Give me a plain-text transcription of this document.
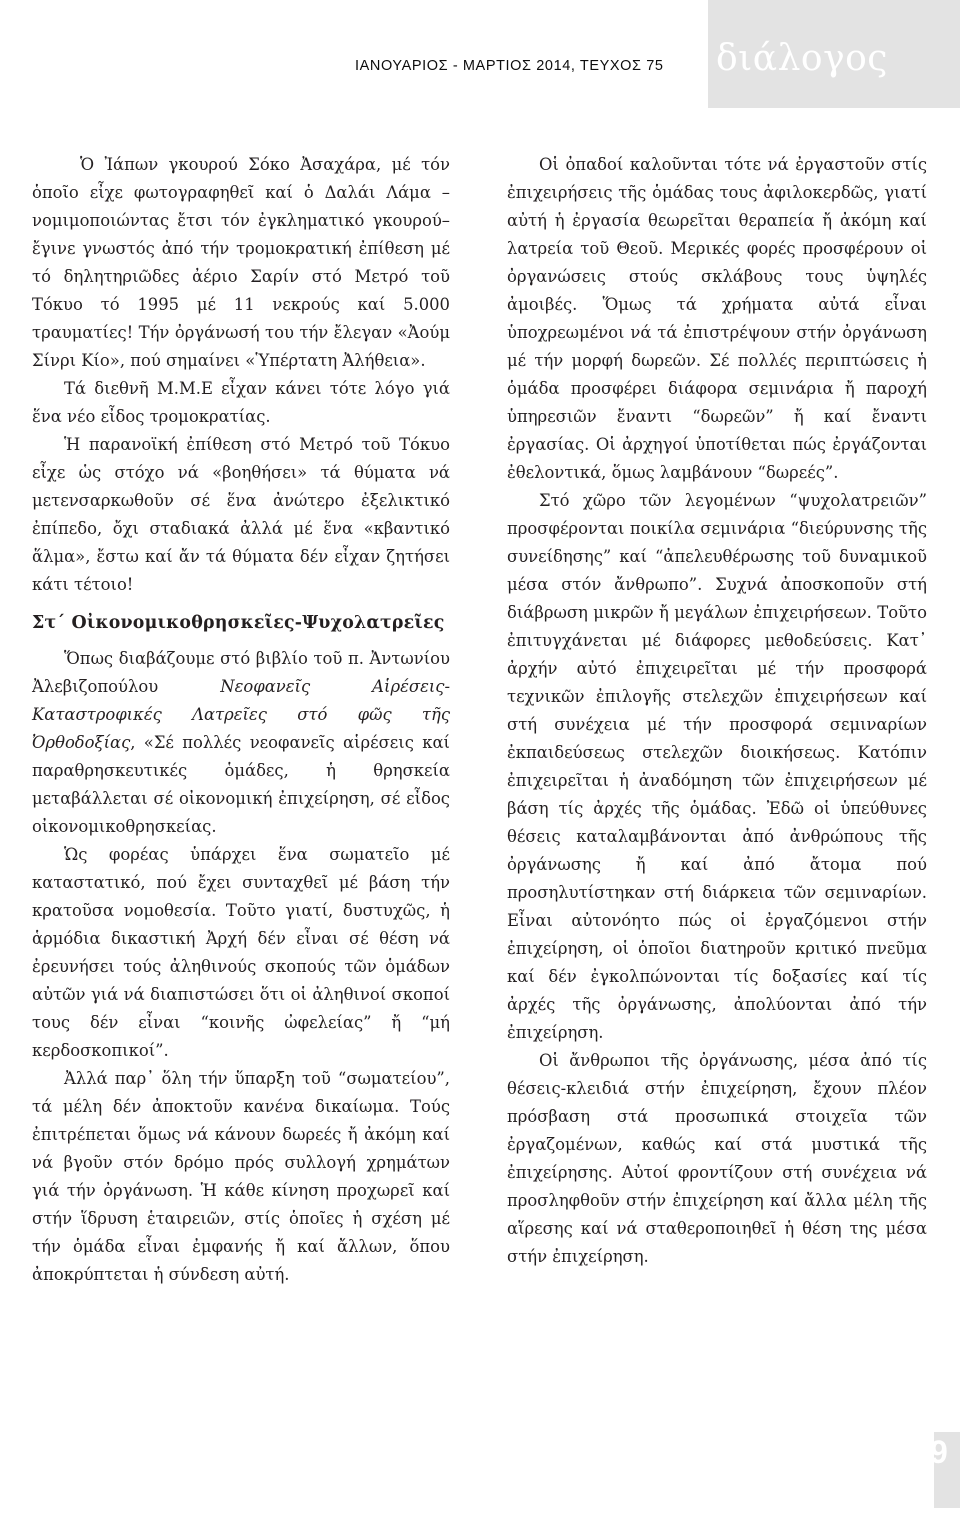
ΙΑΝΟΥΑΡΙΟΣ - ΜΑΡΤΙΟΣ 2014, ΤΕΥΧΟΣ 75 διάλογος

Ὁ Ἰάπων γκουρού Σόκο Ἀσαχάρα, μέ τόν ὁποῖο εἶχε φωτογραφηθεῖ καί ὁ Δαλάι Λάμα –νομιμοποιώντας ἔτσι τόν ἐγκληματικό γκουρού– ἔγινε γνωστός ἀπό τήν τρομοκρατική ἐπίθεση μέ τό δηλητηριῶδες ἀέριο Σαρίν στό Μετρό τοῦ Τόκυο τό 1995 μέ 11 νεκρούς καί 5.000 τραυματίες! Τήν ὀργάνωσή του τήν ἔλεγαν «Ἀούμ Σίνρι Κίο», πού σημαίνει «Ὑπέρτατη Ἀλήθεια».

Τά διεθνῆ Μ.Μ.Ε εἶχαν κάνει τότε λόγο γιά ἕνα νέο εἶδος τρομοκρατίας.

Ἡ παρανοϊκή ἐπίθεση στό Μετρό τοῦ Τόκυο εἶχε ὡς στόχο νά «βοηθήσει» τά θύματα νά μετενσαρκωθοῦν σέ ἕνα ἀνώτερο ἐξελικτικό ἐπίπεδο, ὄχι σταδιακά ἀλλά μέ ἕνα «κβαντικό ἅλμα», ἔστω καί ἄν τά θύματα δέν εἶχαν ζητήσει κάτι τέτοιο!

Στ΄ Οἰκονομικοθρησκεῖες-Ψυχολατρεῖες

Ὅπως διαβάζουμε στό βιβλίο τοῦ π. Ἀντωνίου Ἀλεβιζοπούλου Νεοφανεῖς Αἱρέσεις-Καταστροφικές Λατρεῖες στό φῶς τῆς Ὀρθοδοξίας, «Σέ πολλές νεοφανεῖς αἱρέσεις καί παραθρησκευτικές ὁμάδες, ἡ θρησκεία μεταβάλλεται σέ οἰκονομική ἐπιχείρηση, σέ εἶδος οἰκονομικοθρησκείας.

Ὡς φορέας ὑπάρχει ἕνα σωματεῖο μέ καταστατικό, πού ἔχει συνταχθεῖ μέ βάση τήν κρατοῦσα νομοθεσία. Τοῦτο γιατί, δυστυχῶς, ἡ ἁρμόδια δικαστική Ἀρχή δέν εἶναι σέ θέση νά ἐρευνήσει τούς ἀληθινούς σκοπούς τῶν ὁμάδων αὐτῶν γιά νά διαπιστώσει ὅτι οἱ ἀληθινοί σκοποί τους δέν εἶναι “κοινῆς ὠφελείας” ἤ “μή κερδοσκοπικοί”.

Ἀλλά παρ᾽ ὅλη τήν ὕπαρξη τοῦ “σωματείου”, τά μέλη δέν ἀποκτοῦν κανένα δικαίωμα. Τούς ἐπιτρέπεται ὅμως νά κάνουν δωρεές ἤ ἀκόμη καί νά βγοῦν στόν δρόμο πρός συλλογή χρημάτων γιά τήν ὀργάνωση. Ἡ κάθε κίνηση προχωρεῖ καί στήν ἵδρυση ἑταιρειῶν, στίς ὁποῖες ἡ σχέση μέ τήν ὁμάδα εἶναι ἐμφανής ἤ καί ἄλλων, ὅπου ἀποκρύπτεται ἡ σύνδεση αὐτή.

Οἱ ὀπαδοί καλοῦνται τότε νά ἐργαστοῦν στίς ἐπιχειρήσεις τῆς ὁμάδας τους ἀφιλοκερδῶς, γιατί αὐτή ἡ ἐργασία θεωρεῖται θεραπεία ἤ ἀκόμη καί λατρεία τοῦ Θεοῦ. Μερικές φορές προσφέρουν οἱ ὀργανώσεις στούς σκλάβους τους ὑψηλές ἀμοιβές. Ὅμως τά χρήματα αὐτά εἶναι ὑποχρεωμένοι νά τά ἐπιστρέψουν στήν ὀργάνωση μέ τήν μορφή δωρεῶν. Σέ πολλές περιπτώσεις ἡ ὁμάδα προσφέρει διάφορα σεμινάρια ἤ παροχή ὑπηρεσιῶν ἔναντι “δωρεῶν” ἤ καί ἔναντι ἐργασίας. Οἱ ἀρχηγοί ὑποτίθεται πώς ἐργάζονται ἐθελοντικά, ὅμως λαμβάνουν “δωρεές”.

Στό χῶρο τῶν λεγομένων “ψυχολατρειῶν” προσφέρονται ποικίλα σεμινάρια “διεύρυνσης τῆς συνείδησης” καί “ἀπελευθέρωσης τοῦ δυναμικοῦ μέσα στόν ἄνθρωπο”. Συχνά ἀποσκοποῦν στή διάβρωση μικρῶν ἤ μεγάλων ἐπιχειρήσεων. Τοῦτο ἐπιτυγχάνεται μέ διάφορες μεθοδεύσεις. Κατ᾽ ἀρχήν αὐτό ἐπιχειρεῖται μέ τήν προσφορά τεχνικῶν ἐπιλογῆς στελεχῶν ἐπιχειρήσεων καί στή συνέχεια μέ τήν προσφορά σεμιναρίων ἐκπαιδεύσεως στελεχῶν διοικήσεως. Κατόπιν ἐπιχειρεῖται ἡ ἀναδόμηση τῶν ἐπιχειρήσεων μέ βάση τίς ἀρχές τῆς ὁμάδας. Ἐδῶ οἱ ὑπεύθυνες θέσεις καταλαμβάνονται ἀπό ἀνθρώπους τῆς ὀργάνωσης ἤ καί ἀπό ἄτομα πού προσηλυτίστηκαν στή διάρκεια τῶν σεμιναρίων. Εἶναι αὐτονόητο πώς οἱ ἐργαζόμενοι στήν ἐπιχείρηση, οἱ ὁποῖοι διατηροῦν κριτικό πνεῦμα καί δέν ἐγκολπώνονται τίς δοξασίες καί τίς ἀρχές τῆς ὀργάνωσης, ἀπολύονται ἀπό τήν ἐπιχείρηση.

Οἱ ἄνθρωποι τῆς ὀργάνωσης, μέσα ἀπό τίς θέσεις-κλειδιά στήν ἐπιχείρηση, ἔχουν πλέον πρόσβαση στά προσωπικά στοιχεῖα τῶν ἐργαζομένων, καθώς καί στά μυστικά τῆς ἐπιχείρησης. Αὐτοί φροντίζουν στή συνέχεια νά προσληφθοῦν στήν ἐπιχείρηση καί ἄλλα μέλη τῆς αἵρεσης καί νά σταθεροποιηθεῖ ἡ θέση της μέσα στήν ἐπιχείρηση.

9
